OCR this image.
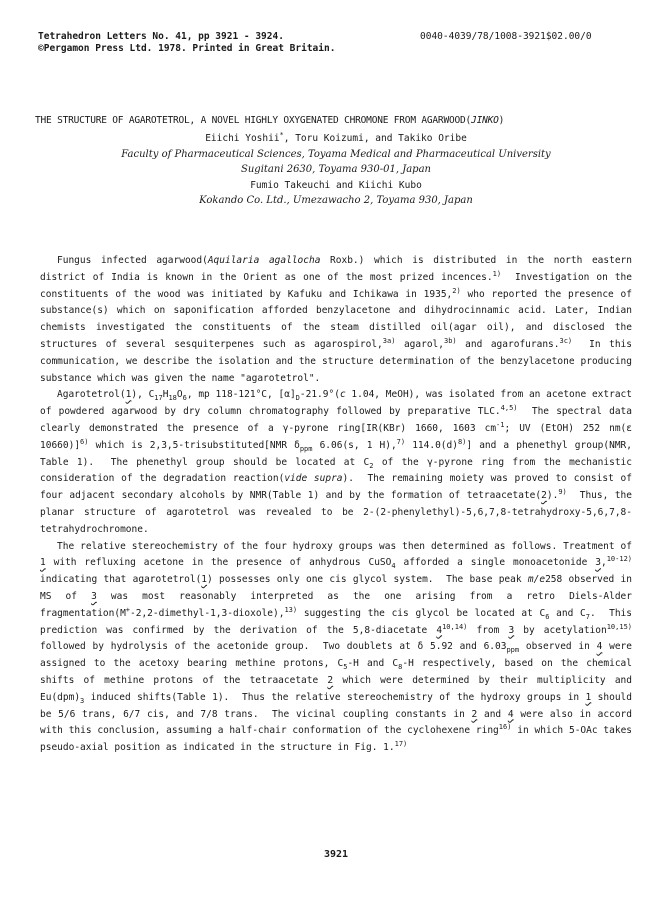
Tetrahedron Letters No. 41, pp 3921 - 3924.
©Pergamon Press Ltd. 1978. Printed in Great Britain.
0040-4039/78/1008-3921$02.00/0
THE STRUCTURE OF AGAROTETROL, A NOVEL HIGHLY OXYGENATED CHROMONE FROM AGARWOOD(JINKO)
Eiichi Yoshii*, Toru Koizumi, and Takiko Oribe
Faculty of Pharmaceutical Sciences, Toyama Medical and Pharmaceutical University
Sugitani 2630, Toyama 930-01, Japan
Fumio Takeuchi and Kiichi Kubo
Kokando Co. Ltd., Umezawacho 2, Toyama 930, Japan

Fungus infected agarwood(Aquilaria agallocha Roxb.) which is distributed in the north eastern district of India is known in the Orient as one of the most prized incences.$^{1)}$  Investigation on the constituents of the wood was initiated by Kafuku and Ichikawa in 1935,$^{2)}$ who reported the presence of substance(s) which on saponification afforded benzylacetone and dihydrocinnamic acid. Later, Indian chemists investigated the constituents of the steam distilled oil(agar oil), and disclosed the structures of several sesquiterpenes such as agarospirol,$^{3a)}$ agarol,$^{3b)}$ and agarofurans.$^{3c)}$  In this communication, we describe the isolation and the structure determination of the benzylacetone producing substance which was given the name "agarotetrol".

Agarotetrol(1), $C_{17}H_{18}O_6$, mp 118-121°C, $[\alpha]_D-21.9^\circ(c$ 1.04, MeOH), was isolated from an acetone extract of powdered agarwood by dry column chromatography followed by preparative TLC.$^{4,5)}$  The spectral data clearly demonstrated the presence of a γ-pyrone ring[IR(KBr) 1660, 1603 $cm^{-1}$; UV (EtOH) 252 nm(ε 10660)]$^{6)}$ which is 2,3,5-trisubstituted[NMR $\delta_{ppm}$ 6.06(s, 1 H),$^{7)}$ $114.0(d)^{8)}$] and a phenethyl group(NMR, Table 1).  The phenethyl group should be located at $C_2$ of the γ-pyrone ring from the mechanistic consideration of the degradation reaction(vide supra).  The remaining moiety was proved to consist of four adjacent secondary alcohols by NMR(Table 1) and by the formation of tetraacetate(2).$^{9)}$  Thus, the planar structure of agarotetrol was revealed to be 2-(2-phenylethyl)-5,6,7,8-tetrahydroxy-5,6,7,8-tetrahydrochromone.

The relative stereochemistry of the four hydroxy groups was then determined as follows. Treatment of 1 with refluxing acetone in the presence of anhydrous CuSO$_4$ afforded a single monoacetonide 3,$^{10-12)}$ indicating that agarotetrol(1) possesses only one cis glycol system.  The base peak m/e258 observed in MS of 3 was most reasonably interpreted as the one arising from a retro Diels-Alder fragmentation(M+-2,2-dimethyl-1,3-dioxole),$^{13)}$ suggesting the cis glycol be located at $C_6$ and $C_7$.  This prediction was confirmed by the derivation of the 5,8-diacetate 4$^{10,14)}$ from 3 by acetylation$^{10,15)}$ followed by hydrolysis of the acetonide group.  Two doublets at δ 5.92 and $6.03_{ppm}$ observed in 4 were assigned to the acetoxy bearing methine protons, $C_5-H$ and $C_8-H$ respectively, based on the chemical shifts of methine protons of the tetraacetate 2 which were determined by their multiplicity and $Eu(dpm)_3$ induced shifts(Table 1).  Thus the relative stereochemistry of the hydroxy groups in 1 should be 5/6 trans, 6/7 cis, and 7/8 trans.  The vicinal coupling constants in 2 and 4 were also in accord with this conclusion, assuming a half-chair conformation of the cyclohexene ring$^{16)}$ in which 5-OAc takes pseudo-axial position as indicated in the structure in Fig. 1.$^{17)}$

3921
